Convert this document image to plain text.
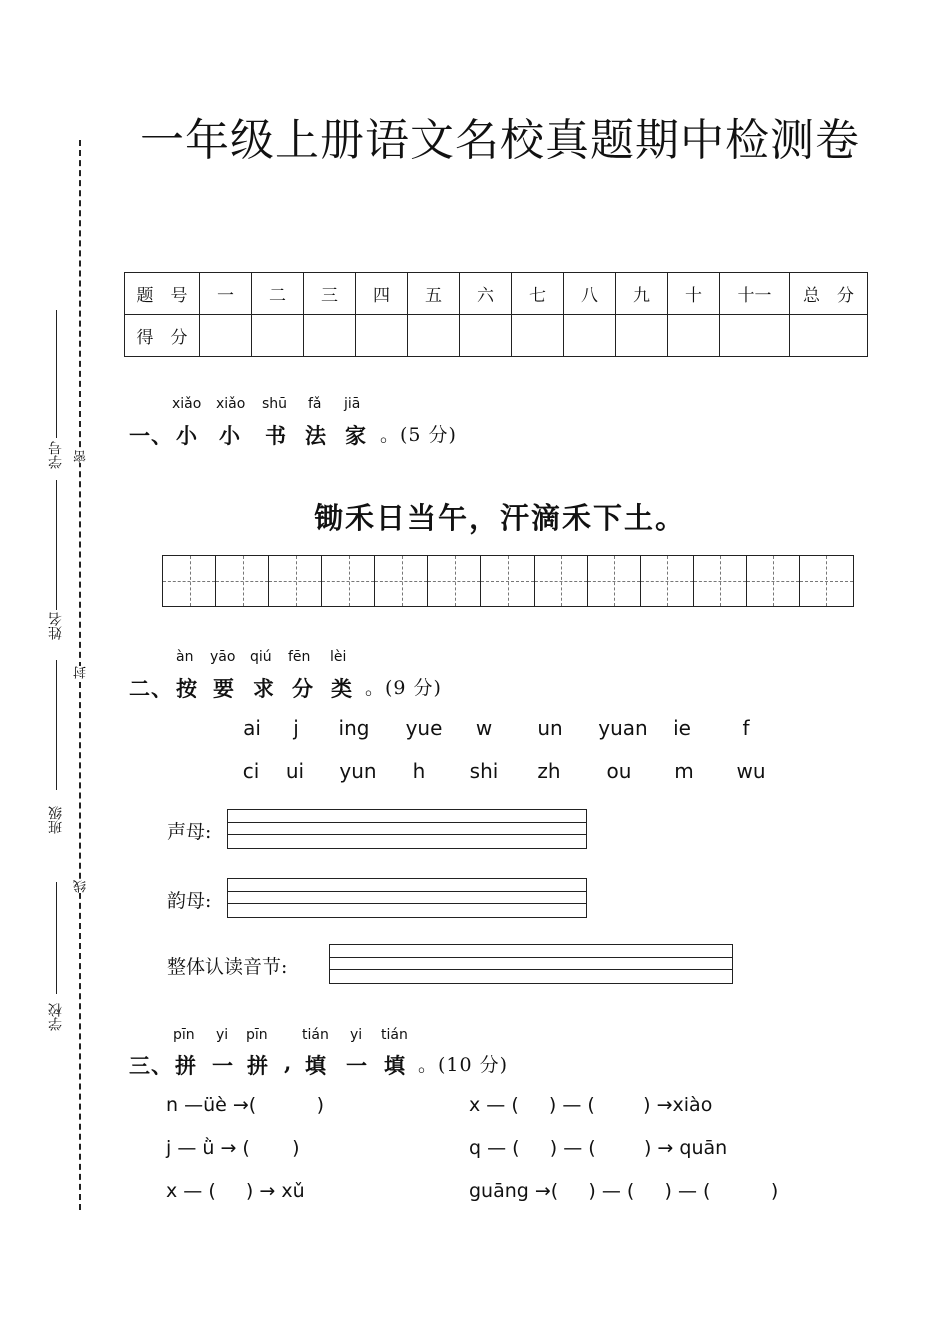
一年级上册语文名校真题期中检测卷
学号
姓名
班级
学校
密
封
线
题　号	一	二	三	四	五	六	七	八	九	十	十一	总　分
得　分												
xiǎo xiǎo shū fǎ jiā
一、 小 小 书 法 家 。(5 分)
锄禾日当午，汗滴禾下土。
àn yāo qiú fēn lèi
二、 按 要 求 分 类 。(9 分)
ai	j	ing yue w un yuan ie	f
ci ui yun h	shi	zh ou m wu
声母:
韵母:
整体认读音节:
pīn yi pīn tián yi tián
三、 拼 一 拼 , 填 一 填 。(10 分)
n —üè →(          )	x — (     ) — (        ) →xiào
j — ǜ → (       )	q — (     ) — (        ) → quān
x — (     ) → xǔ	guāng →(     ) — (     ) — (          )
